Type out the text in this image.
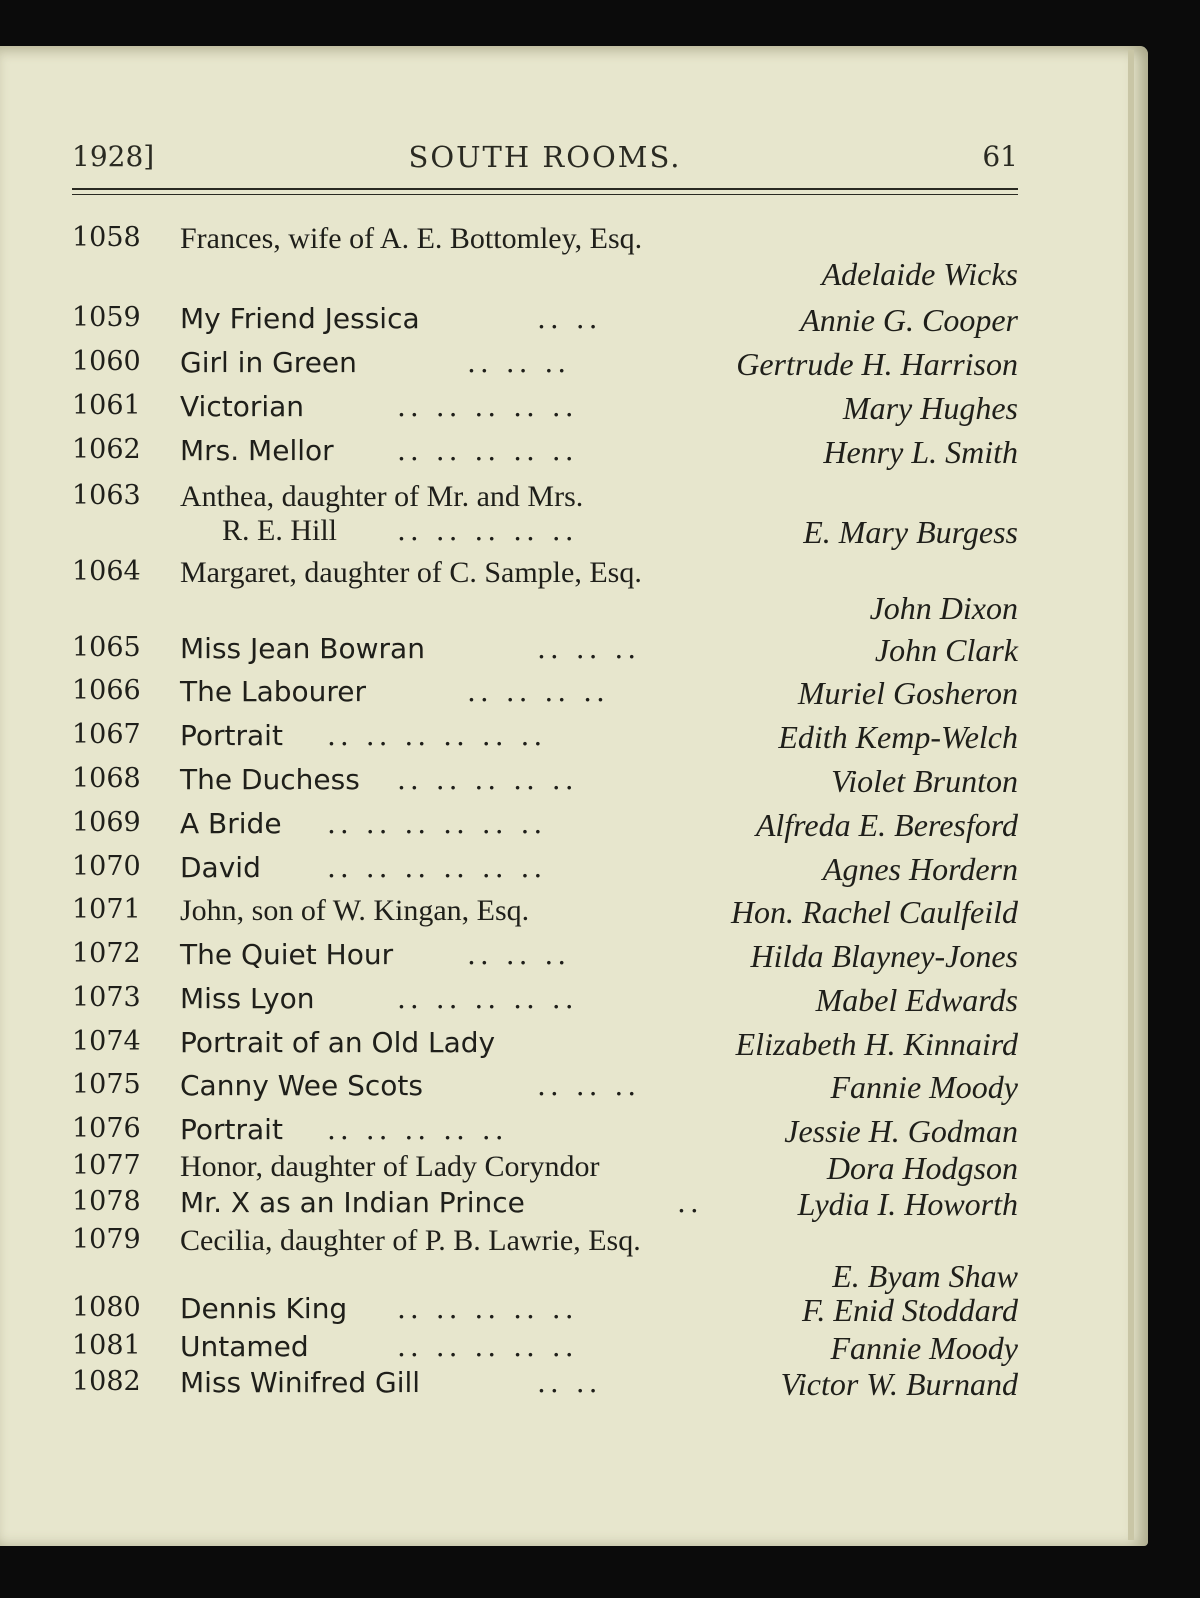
1928]	SOUTH ROOMS.	61
1058 Frances, wife of A. E. Bottomley, Esq.
Adelaide Wicks
1059 My Friend Jessica	.. ..	Annie G. Cooper
1060 Girl in Green	.. .. ..	Gertrude H. Harrison
1061 Victorian	.. .. .. .. ..	Mary Hughes
1062 Mrs. Mellor .. .. .. .. ..	Henry L. Smith
1063 Anthea, daughter of Mr. and Mrs.
R. E. Hill .. .. .. .. ..	E. Mary Burgess
1064 Margaret, daughter of C. Sample, Esq.
John Dixon
1065 Miss Jean Bowran	.. .. ..	John Clark
1066 The Labourer	.. .. .. ..	Muriel Gosheron
1067 Portrait .. .. .. .. .. ..	Edith Kemp-Welch
1068 The Duchess .. .. .. .. ..	Violet Brunton
1069 A Bride .. .. .. .. .. ..	Alfreda E. Beresford
1070 David .. .. .. .. .. ..	Agnes Hordern
1071 John, son of W. Kingan, Esq.	Hon. Rachel Caulfeild
1072 The Quiet Hour	.. .. ..	Hilda Blayney-Jones
1073 Miss Lyon	.. .. .. .. ..	Mabel Edwards
1074 Portrait of an Old Lady	Elizabeth H. Kinnaird
1075 Canny Wee Scots	.. .. ..	Fannie Moody
1076 Portrait .. .. .. .. ..	Jessie H. Godman
1077 Honor, daughter of Lady Coryndor	Dora Hodgson
1078 Mr. X as an Indian Prince	..	Lydia I. Howorth
1079 Cecilia, daughter of P. B. Lawrie, Esq.
E. Byam Shaw
1080 Dennis King .. .. .. .. ..	F. Enid Stoddard
1081 Untamed	.. .. .. .. ..	Fannie Moody
1082 Miss Winifred Gill	.. ..	Victor W. Burnand
